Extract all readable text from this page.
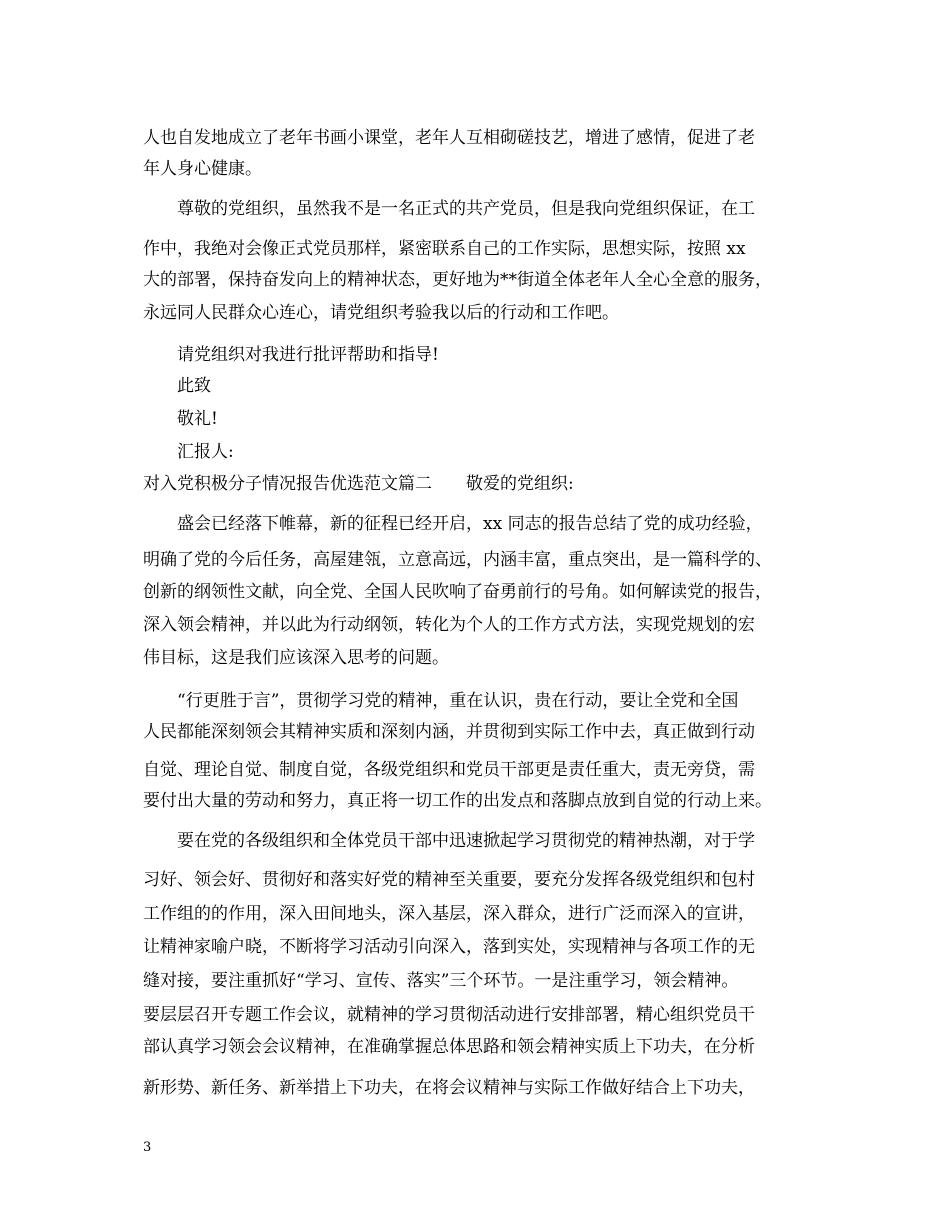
人也自发地成立了老年书画小课堂，老年人互相砌磋技艺，增进了感情，促进了老
年人身心健康。
　　尊敬的党组织，虽然我不是一名正式的共产党员，但是我向党组织保证，在工
作中，我绝对会像正式党员那样，紧密联系自己的工作实际，思想实际，按照 xx
大的部署，保持奋发向上的精神状态，更好地为**街道全体老年人全心全意的服务，
永远同人民群众心连心，请党组织考验我以后的行动和工作吧。
　　请党组织对我进行批评帮助和指导!
　　此致
　　敬礼!
　　汇报人:
对入党积极分子情况报告优选范文篇二　　敬爱的党组织:
　　盛会已经落下帷幕，新的征程已经开启，xx 同志的报告总结了党的成功经验，
明确了党的今后任务，高屋建瓴，立意高远，内涵丰富，重点突出，是一篇科学的、
创新的纲领性文献，向全党、全国人民吹响了奋勇前行的号角。如何解读党的报告，
深入领会精神，并以此为行动纲领，转化为个人的工作方式方法，实现党规划的宏
伟目标，这是我们应该深入思考的问题。
　　“行更胜于言”，贯彻学习党的精神，重在认识，贵在行动，要让全党和全国
人民都能深刻领会其精神实质和深刻内涵，并贯彻到实际工作中去，真正做到行动
自觉、理论自觉、制度自觉，各级党组织和党员干部更是责任重大，责无旁贷，需
要付出大量的劳动和努力，真正将一切工作的出发点和落脚点放到自觉的行动上来。
　　要在党的各级组织和全体党员干部中迅速掀起学习贯彻党的精神热潮，对于学
习好、领会好、贯彻好和落实好党的精神至关重要，要充分发挥各级党组织和包村
工作组的的作用，深入田间地头，深入基层，深入群众，进行广泛而深入的宣讲，
让精神家喻户晓，不断将学习活动引向深入，落到实处，实现精神与各项工作的无
缝对接，要注重抓好“学习、宣传、落实”三个环节。一是注重学习，领会精神。
要层层召开专题工作会议，就精神的学习贯彻活动进行安排部署，精心组织党员干
部认真学习领会会议精神，在准确掌握总体思路和领会精神实质上下功夫，在分析
新形势、新任务、新举措上下功夫，在将会议精神与实际工作做好结合上下功夫，
3
